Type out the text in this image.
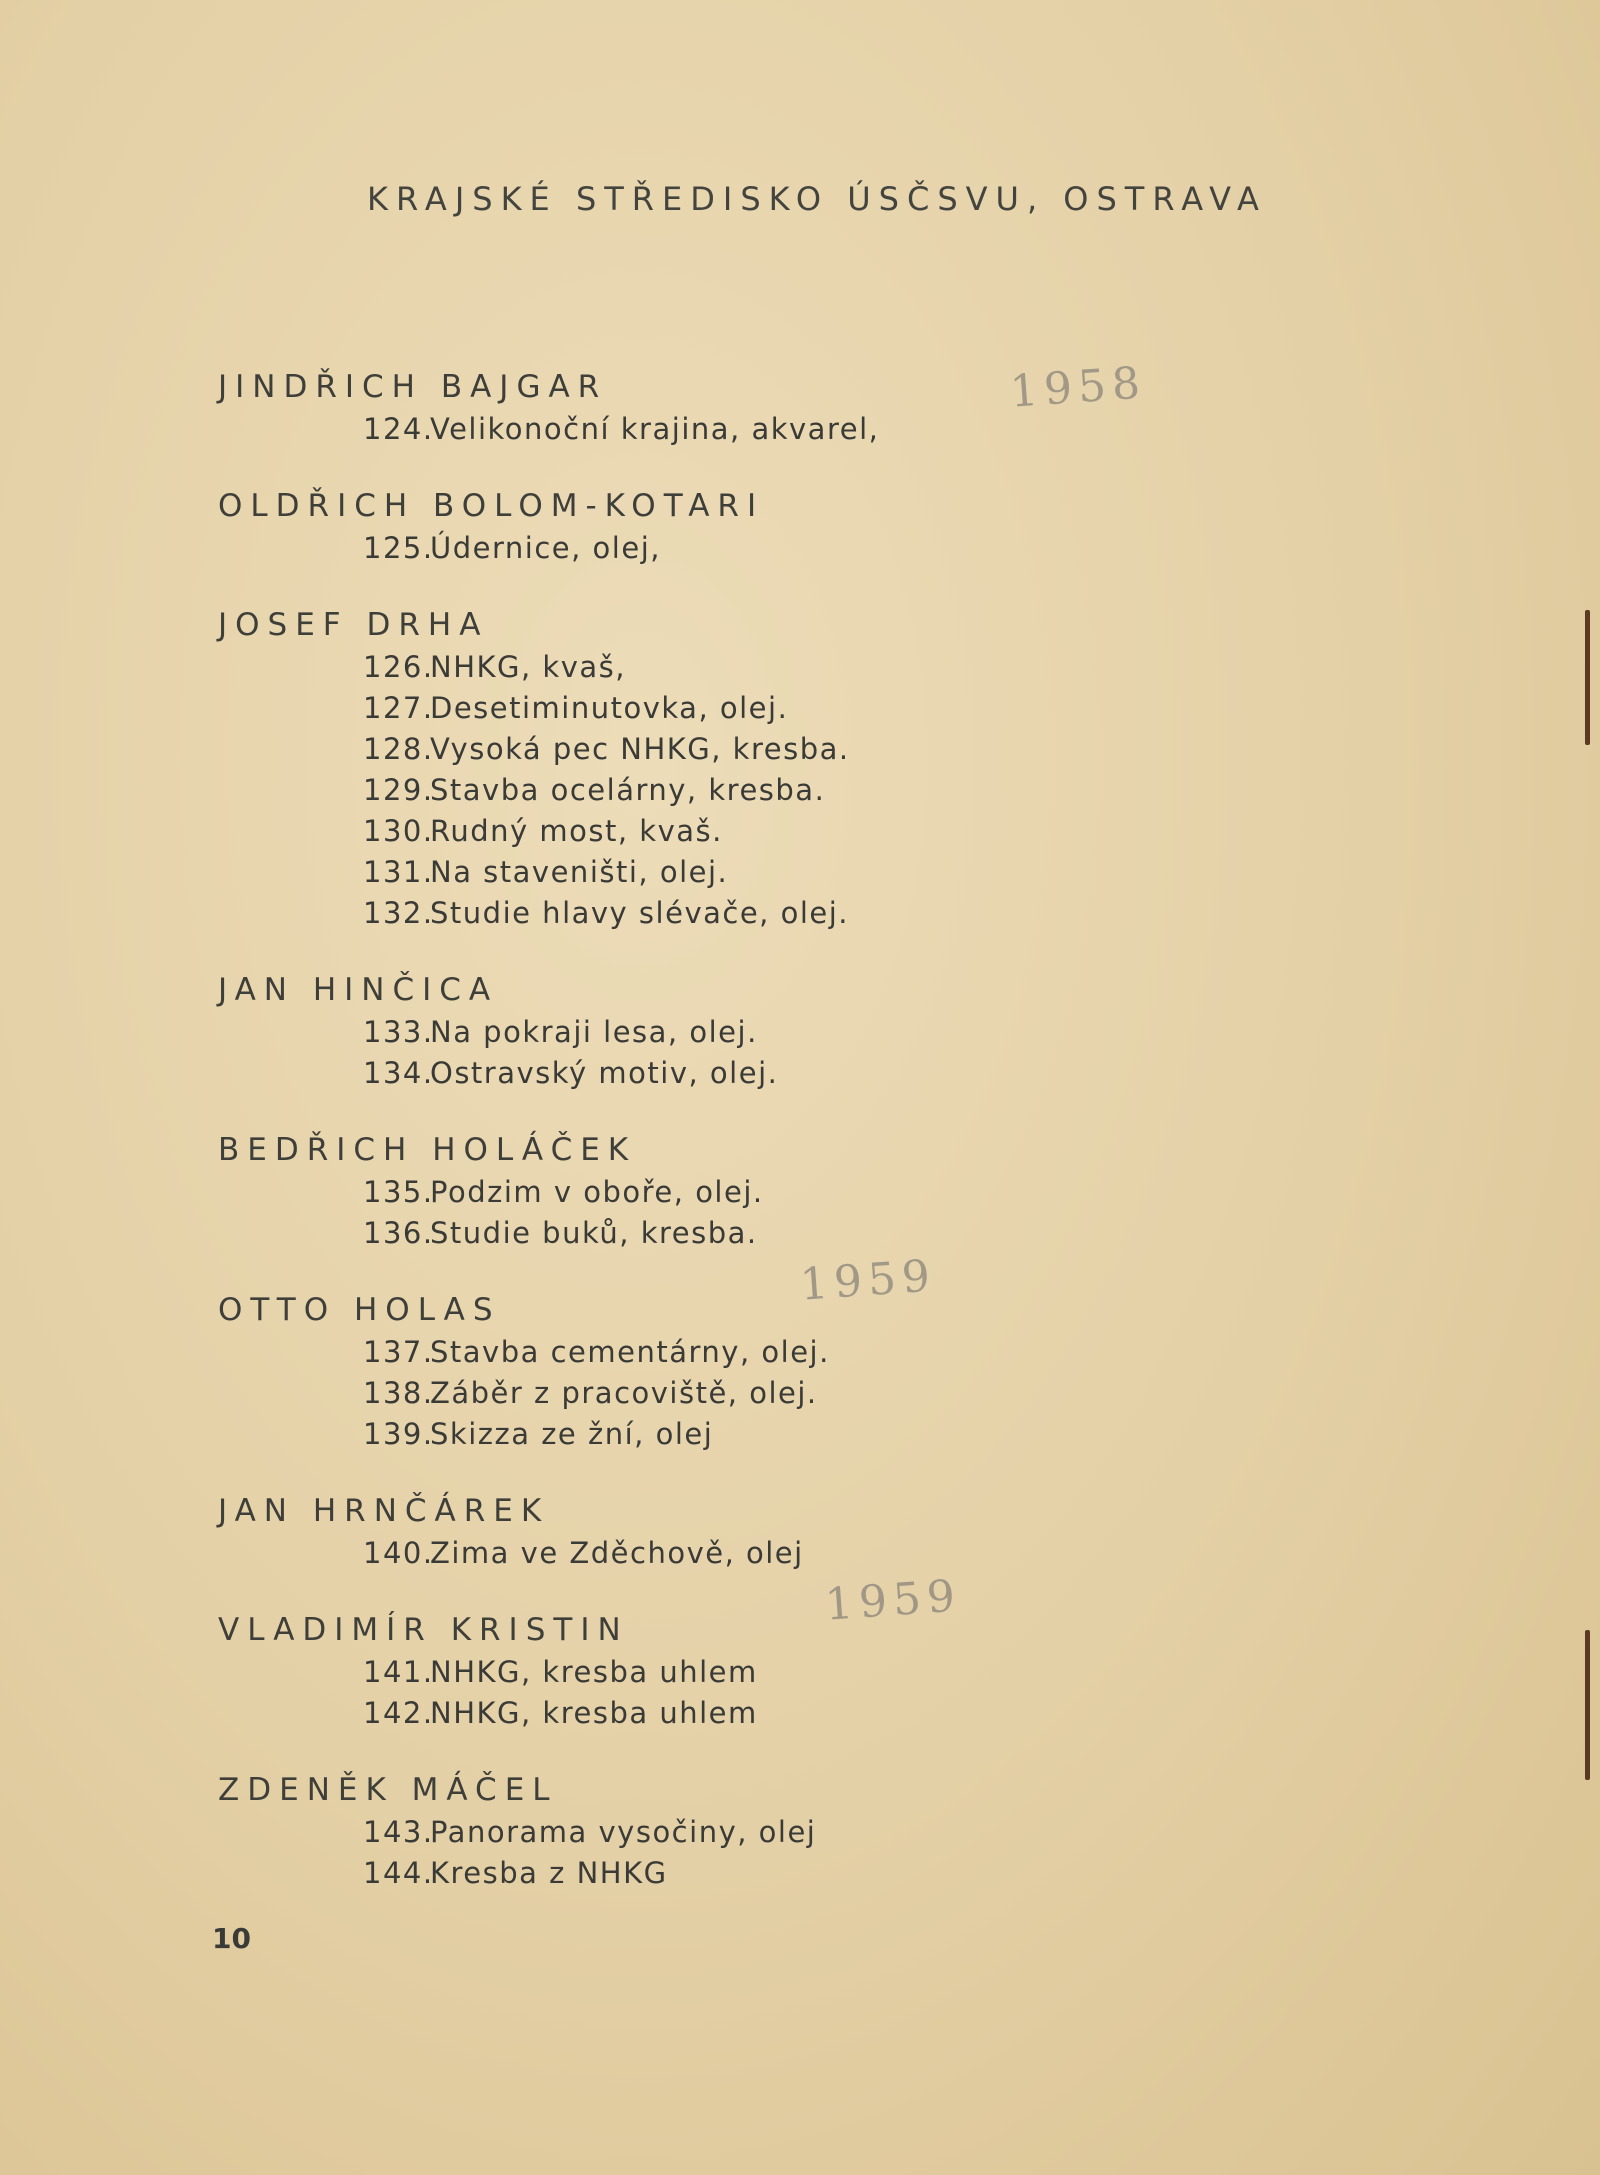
KRAJSKÉ STŘEDISKO ÚSČSVU, OSTRAVA
JINDŘICH BAJGAR
124.Velikonoční krajina, akvarel,
OLDŘICH BOLOM-KOTARI
125.Údernice, olej,
JOSEF DRHA
126.NHKG, kvaš,
127.Desetiminutovka, olej.
128.Vysoká pec NHKG, kresba.
129.Stavba ocelárny, kresba.
130.Rudný most, kvaš.
131.Na staveništi, olej.
132.Studie hlavy slévače, olej.
JAN HINČICA
133.Na pokraji lesa, olej.
134.Ostravský motiv, olej.
BEDŘICH HOLÁČEK
135.Podzim v oboře, olej.
136.Studie buků, kresba.
OTTO HOLAS
137.Stavba cementárny, olej.
138.Záběr z pracoviště, olej.
139.Skizza ze žní, olej
JAN HRNČÁREK
140.Zima ve Zděchově, olej
VLADIMÍR KRISTIN
141.NHKG, kresba uhlem
142.NHKG, kresba uhlem
ZDENĚK MÁČEL
143.Panorama vysočiny, olej
144.Kresba z NHKG
1958
1959
1959
10
